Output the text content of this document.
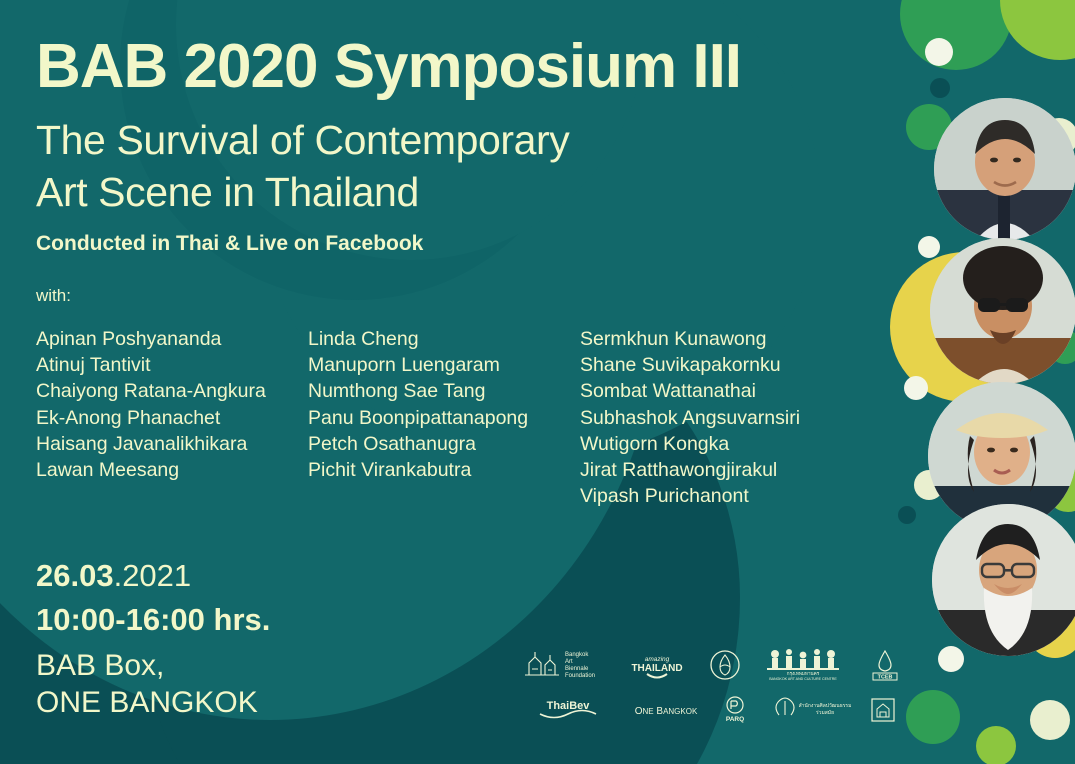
BAB 2020 Symposium III
The Survival of Contemporary
Art Scene in Thailand
Conducted in Thai & Live on Facebook
with:
Apinan Poshyananda
Atinuj Tantivit
Chaiyong Ratana-Angkura
Ek-Anong Phanachet
Haisang Javanalikhikara
Lawan Meesang
Linda Cheng
Manuporn Luengaram
Numthong Sae Tang
Panu Boonpipattanapong
Petch Osathanugra
Pichit Virankabutra
Sermkhun Kunawong
Shane Suvikapakornku
Sombat Wattanathai
Subhashok Angsuvarnsiri
Wutigorn Kongka
Jirat Ratthawongjirakul
Vipash Purichanont
26.03.2021
10:00-16:00 hrs.
BAB Box,
ONE BANGKOK
Bangkok
Art
Biennale
Foundation
amazing
THAILAND	กรุงเทพมหานคร
BANGKOK ART AND CULTURE CENTRE	TCEB
ThaiBev	ONE BANGKOK
PARQ
สำนักงานศิลปวัฒนธรรม
ร่วมสมัย
